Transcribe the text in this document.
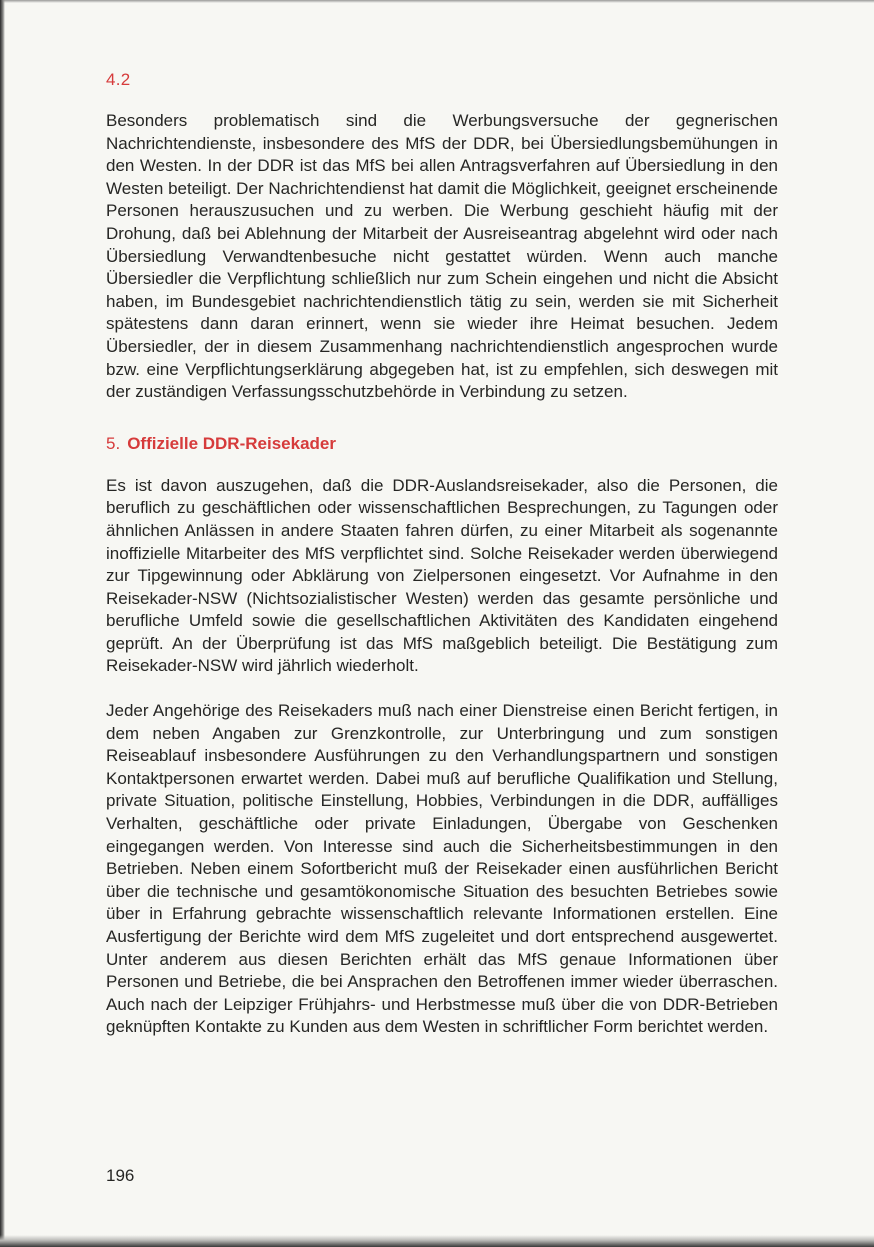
4.2

Besonders problematisch sind die Werbungsversuche der gegnerischen Nachrichtendienste, insbesondere des MfS der DDR, bei Übersiedlungsbemühungen in den Westen. In der DDR ist das MfS bei allen Antragsverfahren auf Übersiedlung in den Westen beteiligt. Der Nachrichtendienst hat damit die Möglichkeit, geeignet erscheinende Personen herauszusuchen und zu werben. Die Werbung geschieht häufig mit der Drohung, daß bei Ablehnung der Mitarbeit der Ausreiseantrag abgelehnt wird oder nach Übersiedlung Verwandtenbesuche nicht gestattet würden. Wenn auch manche Übersiedler die Verpflichtung schließlich nur zum Schein eingehen und nicht die Absicht haben, im Bundesgebiet nachrichtendienstlich tätig zu sein, werden sie mit Sicherheit spätestens dann daran erinnert, wenn sie wieder ihre Heimat besuchen. Jedem Übersiedler, der in diesem Zusammenhang nachrichtendienstlich angesprochen wurde bzw. eine Verpflichtungserklärung abgegeben hat, ist zu empfehlen, sich deswegen mit der zuständigen Verfassungsschutzbehörde in Verbindung zu setzen.

5. Offizielle DDR-Reisekader

Es ist davon auszugehen, daß die DDR-Auslandsreisekader, also die Personen, die beruflich zu geschäftlichen oder wissenschaftlichen Besprechungen, zu Tagungen oder ähnlichen Anlässen in andere Staaten fahren dürfen, zu einer Mitarbeit als sogenannte inoffizielle Mitarbeiter des MfS verpflichtet sind. Solche Reisekader werden überwiegend zur Tipgewinnung oder Abklärung von Zielpersonen eingesetzt. Vor Aufnahme in den Reisekader-NSW (Nichtsozialistischer Westen) werden das gesamte persönliche und berufliche Umfeld sowie die gesellschaftlichen Aktivitäten des Kandidaten eingehend geprüft. An der Überprüfung ist das MfS maßgeblich beteiligt. Die Bestätigung zum Reisekader-NSW wird jährlich wiederholt.

Jeder Angehörige des Reisekaders muß nach einer Dienstreise einen Bericht fertigen, in dem neben Angaben zur Grenzkontrolle, zur Unterbringung und zum sonstigen Reiseablauf insbesondere Ausführungen zu den Verhandlungspartnern und sonstigen Kontaktpersonen erwartet werden. Dabei muß auf berufliche Qualifikation und Stellung, private Situation, politische Einstellung, Hobbies, Verbindungen in die DDR, auffälliges Verhalten, geschäftliche oder private Einladungen, Übergabe von Geschenken eingegangen werden. Von Interesse sind auch die Sicherheitsbestimmungen in den Betrieben. Neben einem Sofortbericht muß der Reisekader einen ausführlichen Bericht über die technische und gesamtökonomische Situation des besuchten Betriebes sowie über in Erfahrung gebrachte wissenschaftlich relevante Informationen erstellen. Eine Ausfertigung der Berichte wird dem MfS zugeleitet und dort entsprechend ausgewertet. Unter anderem aus diesen Berichten erhält das MfS genaue Informationen über Personen und Betriebe, die bei Ansprachen den Betroffenen immer wieder überraschen. Auch nach der Leipziger Frühjahrs- und Herbstmesse muß über die von DDR-Betrieben geknüpften Kontakte zu Kunden aus dem Westen in schriftlicher Form berichtet werden.

196
